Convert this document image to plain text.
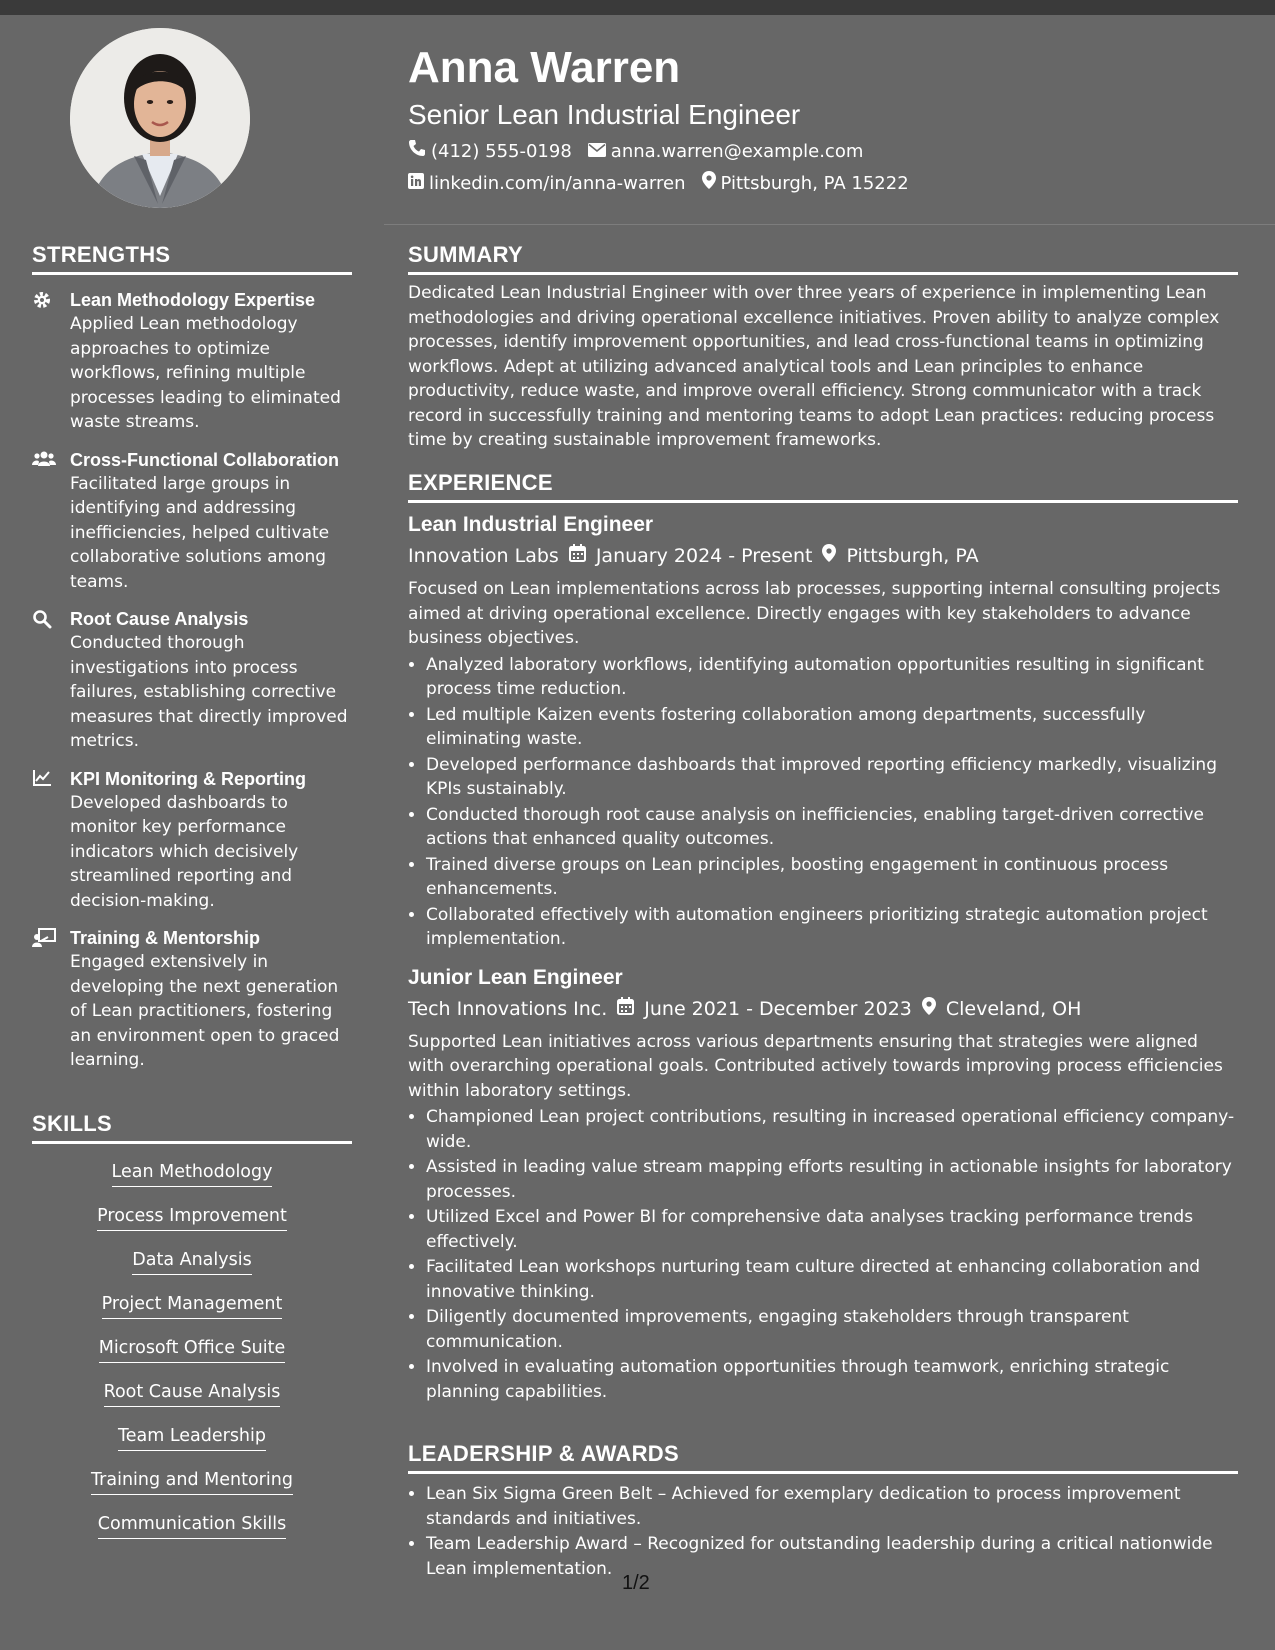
STRENGTHS
Lean Methodology Expertise
Applied Lean methodology approaches to optimize workflows, refining multiple processes leading to eliminated waste streams.
Cross-Functional Collaboration
Facilitated large groups in identifying and addressing inefficiencies, helped cultivate collaborative solutions among teams.
Root Cause Analysis
Conducted thorough investigations into process failures, establishing corrective measures that directly improved metrics.
KPI Monitoring & Reporting
Developed dashboards to monitor key performance indicators which decisively streamlined reporting and decision-making.
Training & Mentorship
Engaged extensively in developing the next generation of Lean practitioners, fostering an environment open to graced learning.
SKILLS
Lean Methodology
Process Improvement
Data Analysis
Project Management
Microsoft Office Suite
Root Cause Analysis
Team Leadership
Training and Mentoring
Communication Skills
Anna Warren
Senior Lean Industrial Engineer
(412) 555-0198 anna.warren@example.com
linkedin.com/in/anna-warren Pittsburgh, PA 15222
SUMMARY
Dedicated Lean Industrial Engineer with over three years of experience in implementing Lean methodologies and driving operational excellence initiatives. Proven ability to analyze complex processes, identify improvement opportunities, and lead cross-functional teams in optimizing workflows. Adept at utilizing advanced analytical tools and Lean principles to enhance productivity, reduce waste, and improve overall efficiency. Strong communicator with a track record in successfully training and mentoring teams to adopt Lean practices: reducing process time by creating sustainable improvement frameworks.
EXPERIENCE
Lean Industrial Engineer
Innovation Labs January 2024 - Present Pittsburgh, PA
Focused on Lean implementations across lab processes, supporting internal consulting projects aimed at driving operational excellence. Directly engages with key stakeholders to advance business objectives.
• Analyzed laboratory workflows, identifying automation opportunities resulting in significant process time reduction.
• Led multiple Kaizen events fostering collaboration among departments, successfully eliminating waste.
• Developed performance dashboards that improved reporting efficiency markedly, visualizing KPIs sustainably.
• Conducted thorough root cause analysis on inefficiencies, enabling target-driven corrective actions that enhanced quality outcomes.
• Trained diverse groups on Lean principles, boosting engagement in continuous process enhancements.
• Collaborated effectively with automation engineers prioritizing strategic automation project implementation.
Junior Lean Engineer
Tech Innovations Inc. June 2021 - December 2023 Cleveland, OH
Supported Lean initiatives across various departments ensuring that strategies were aligned with overarching operational goals. Contributed actively towards improving process efficiencies within laboratory settings.
• Championed Lean project contributions, resulting in increased operational efficiency company-wide.
• Assisted in leading value stream mapping efforts resulting in actionable insights for laboratory processes.
• Utilized Excel and Power BI for comprehensive data analyses tracking performance trends effectively.
• Facilitated Lean workshops nurturing team culture directed at enhancing collaboration and innovative thinking.
• Diligently documented improvements, engaging stakeholders through transparent communication.
• Involved in evaluating automation opportunities through teamwork, enriching strategic planning capabilities.
LEADERSHIP & AWARDS
• Lean Six Sigma Green Belt – Achieved for exemplary dedication to process improvement standards and initiatives.
• Team Leadership Award – Recognized for outstanding leadership during a critical nationwide Lean implementation.
1/2
